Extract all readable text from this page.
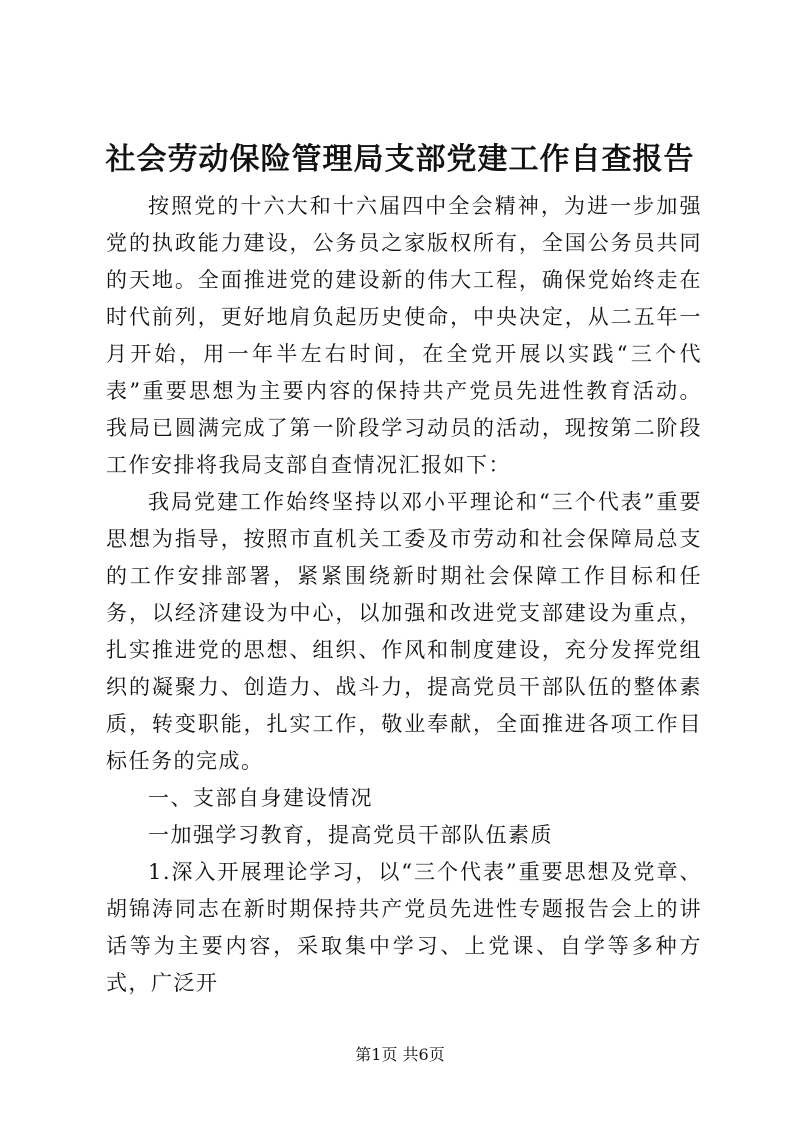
社会劳动保险管理局支部党建工作自查报告

按照党的十六大和十六届四中全会精神，为进一步加强党的执政能力建设，公务员之家版权所有，全国公务员共同的天地。全面推进党的建设新的伟大工程，确保党始终走在时代前列，更好地肩负起历史使命，中央决定，从二五年一月开始，用一年半左右时间，在全党开展以实践“三个代表”重要思想为主要内容的保持共产党员先进性教育活动。我局已圆满完成了第一阶段学习动员的活动，现按第二阶段工作安排将我局支部自查情况汇报如下：

我局党建工作始终坚持以邓小平理论和“三个代表”重要思想为指导，按照市直机关工委及市劳动和社会保障局总支的工作安排部署，紧紧围绕新时期社会保障工作目标和任务，以经济建设为中心，以加强和改进党支部建设为重点，扎实推进党的思想、组织、作风和制度建设，充分发挥党组织的凝聚力、创造力、战斗力，提高党员干部队伍的整体素质，转变职能，扎实工作，敬业奉献，全面推进各项工作目标任务的完成。

一、支部自身建设情况

一加强学习教育，提高党员干部队伍素质

1.深入开展理论学习，以“三个代表”重要思想及党章、胡锦涛同志在新时期保持共产党员先进性专题报告会上的讲话等为主要内容，采取集中学习、上党课、自学等多种方式，广泛开

第1页 共6页
